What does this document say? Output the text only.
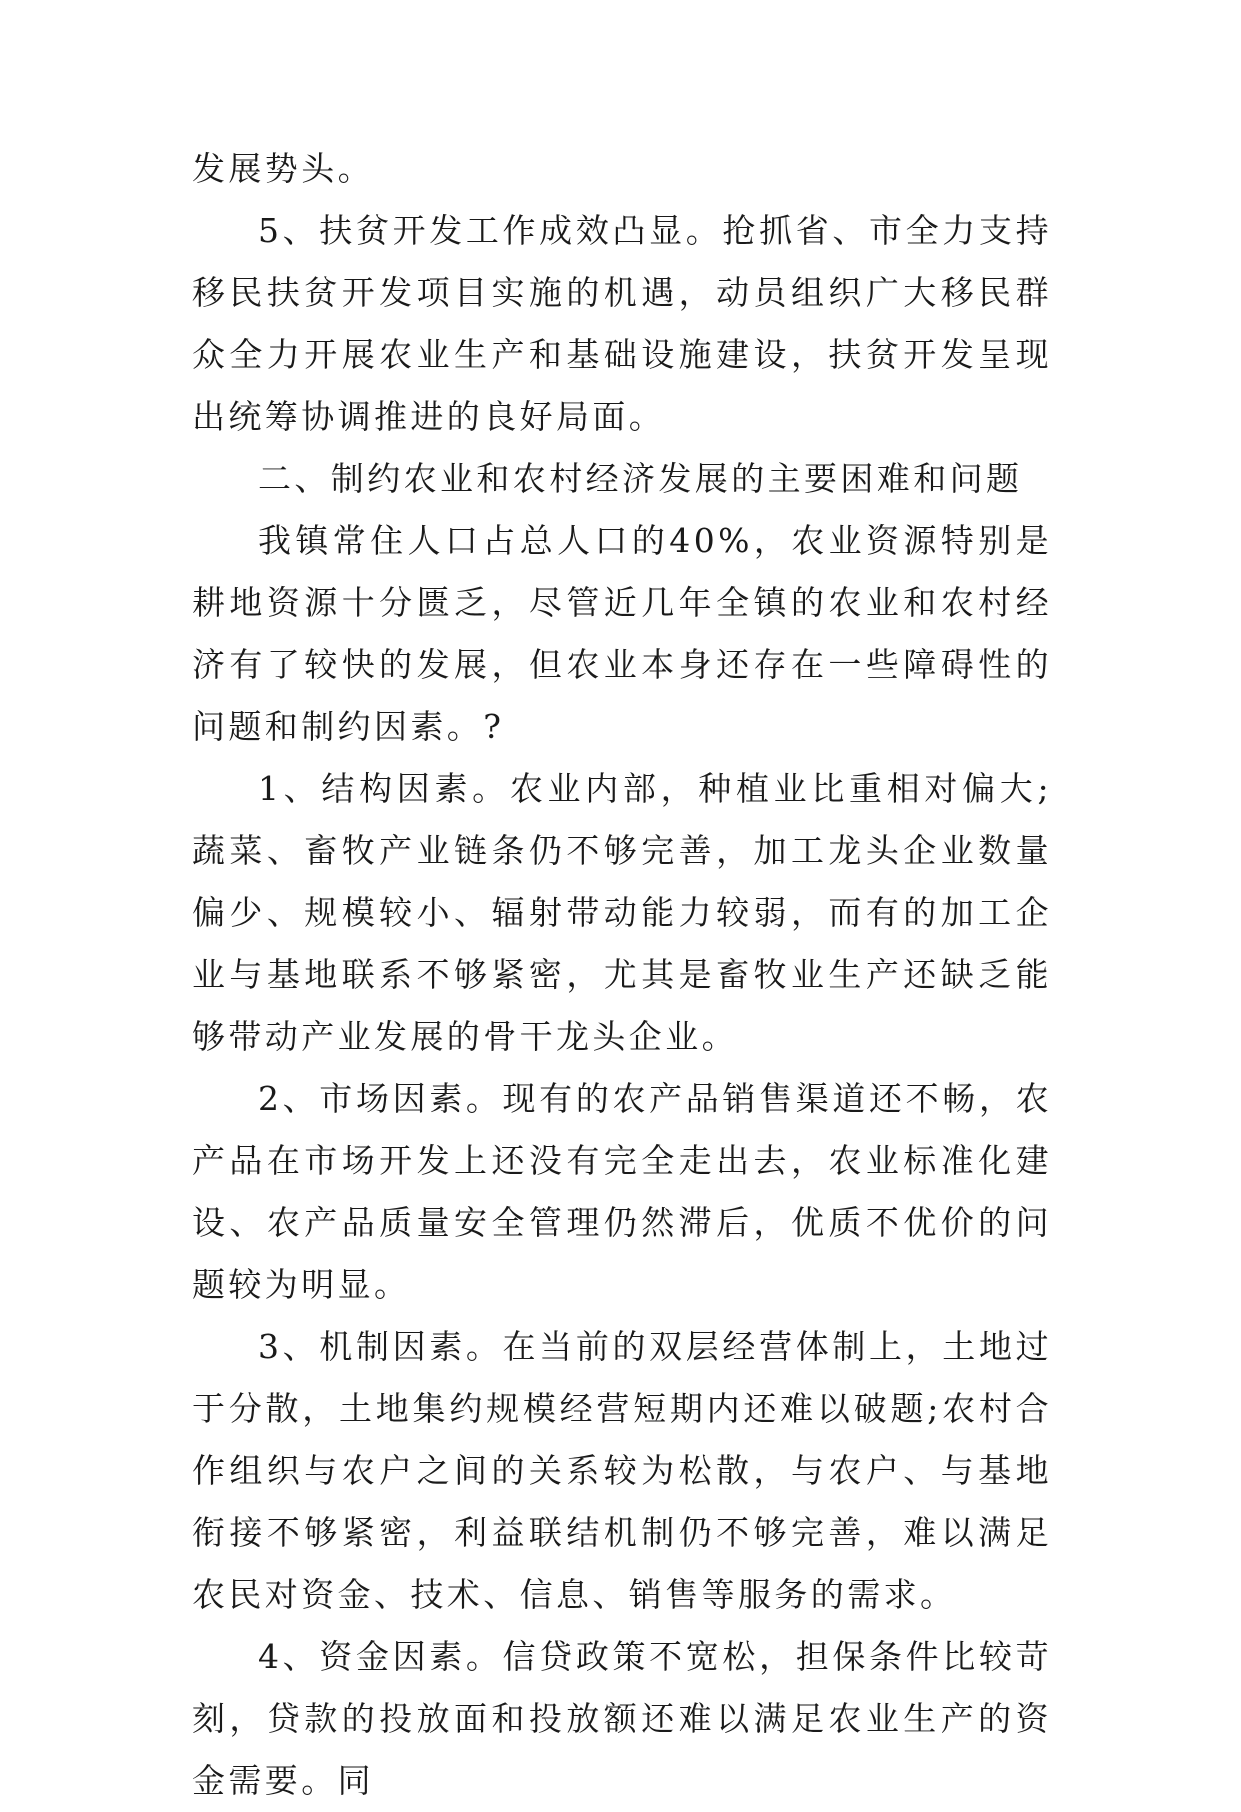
发展势头。

5、扶贫开发工作成效凸显。抢抓省、市全力支持移民扶贫开发项目实施的机遇，动员组织广大移民群众全力开展农业生产和基础设施建设，扶贫开发呈现出统筹协调推进的良好局面。

二、制约农业和农村经济发展的主要困难和问题

我镇常住人口占总人口的40%，农业资源特别是耕地资源十分匮乏，尽管近几年全镇的农业和农村经济有了较快的发展，但农业本身还存在一些障碍性的问题和制约因素。?

1、结构因素。农业内部，种植业比重相对偏大;蔬菜、畜牧产业链条仍不够完善，加工龙头企业数量偏少、规模较小、辐射带动能力较弱，而有的加工企业与基地联系不够紧密，尤其是畜牧业生产还缺乏能够带动产业发展的骨干龙头企业。

2、市场因素。现有的农产品销售渠道还不畅，农产品在市场开发上还没有完全走出去，农业标准化建设、农产品质量安全管理仍然滞后，优质不优价的问题较为明显。

3、机制因素。在当前的双层经营体制上，土地过于分散，土地集约规模经营短期内还难以破题;农村合作组织与农户之间的关系较为松散，与农户、与基地衔接不够紧密，利益联结机制仍不够完善，难以满足农民对资金、技术、信息、销售等服务的需求。

4、资金因素。信贷政策不宽松，担保条件比较苛刻，贷款的投放面和投放额还难以满足农业生产的资金需要。同
